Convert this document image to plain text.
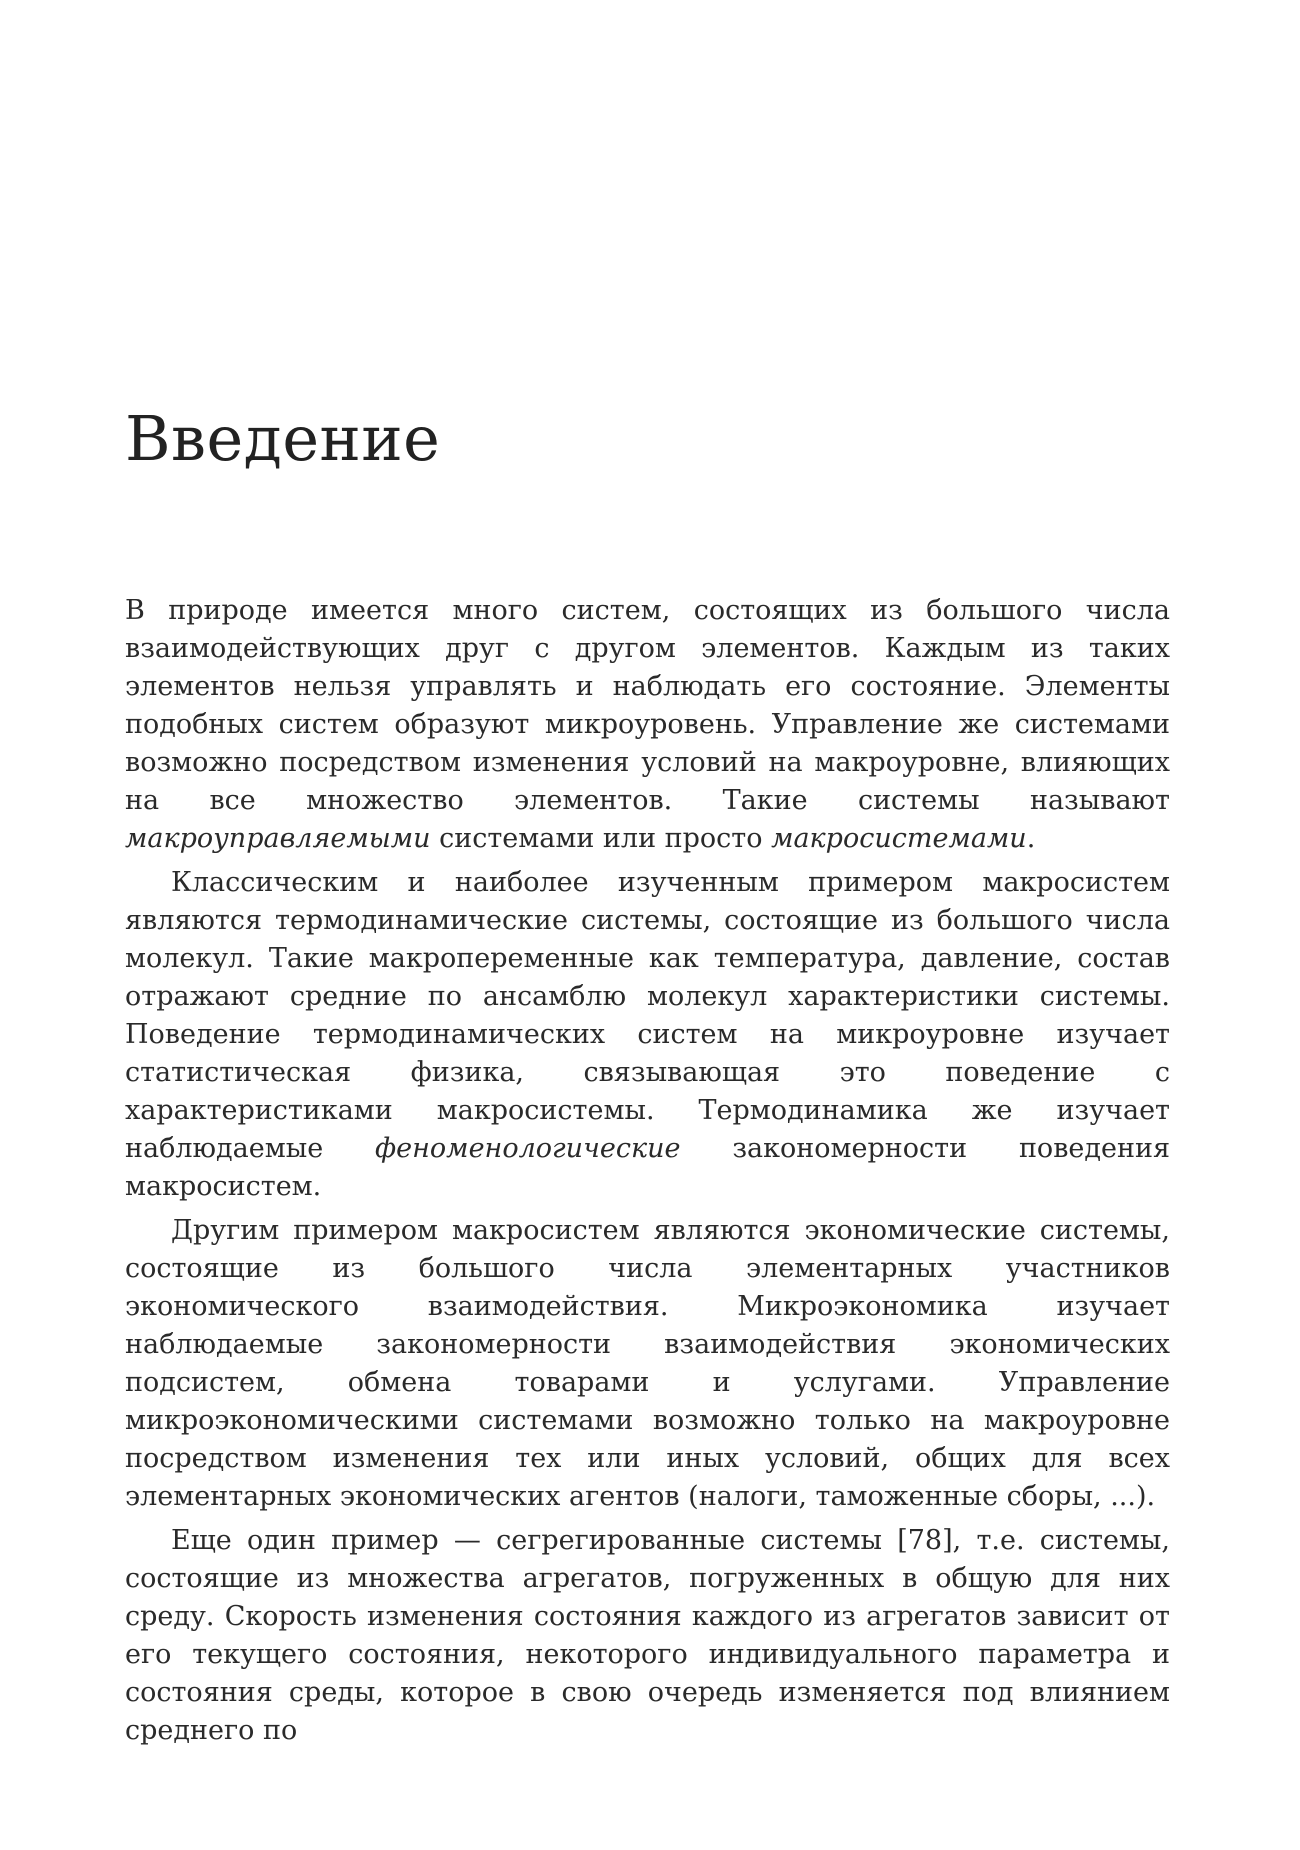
Введение

В природе имеется много систем, состоящих из большого числа взаимодействующих друг с другом элементов. Каждым из таких элементов нельзя управлять и наблюдать его состояние. Элементы подобных систем образуют микроуровень. Управление же системами возможно посредством изменения условий на макроуровне, влияющих на все множество элементов. Такие системы называют макроуправляемыми системами или просто макросистемами.

Классическим и наиболее изученным примером макросистем являются термодинамические системы, состоящие из большого числа молекул. Такие макропеременные как температура, давление, состав отражают средние по ансамблю молекул характеристики системы. Поведение термодинамических систем на микроуровне изучает статистическая физика, связывающая это поведение с характеристиками макросистемы. Термодинамика же изучает наблюдаемые феноменологические закономерности поведения макросистем.

Другим примером макросистем являются экономические системы, состоящие из большого числа элементарных участников экономического взаимодействия. Микроэкономика изучает наблюдаемые закономерности взаимодействия экономических подсистем, обмена товарами и услугами. Управление микроэкономическими системами возможно только на макроуровне посредством изменения тех или иных условий, общих для всех элементарных экономических агентов (налоги, таможенные сборы, ...).

Еще один пример — сегрегированные системы [78], т.е. системы, состоящие из множества агрегатов, погруженных в общую для них среду. Скорость изменения состояния каждого из агрегатов зависит от его текущего состояния, некоторого индивидуального параметра и состояния среды, которое в свою очередь изменяется под влиянием среднего по
